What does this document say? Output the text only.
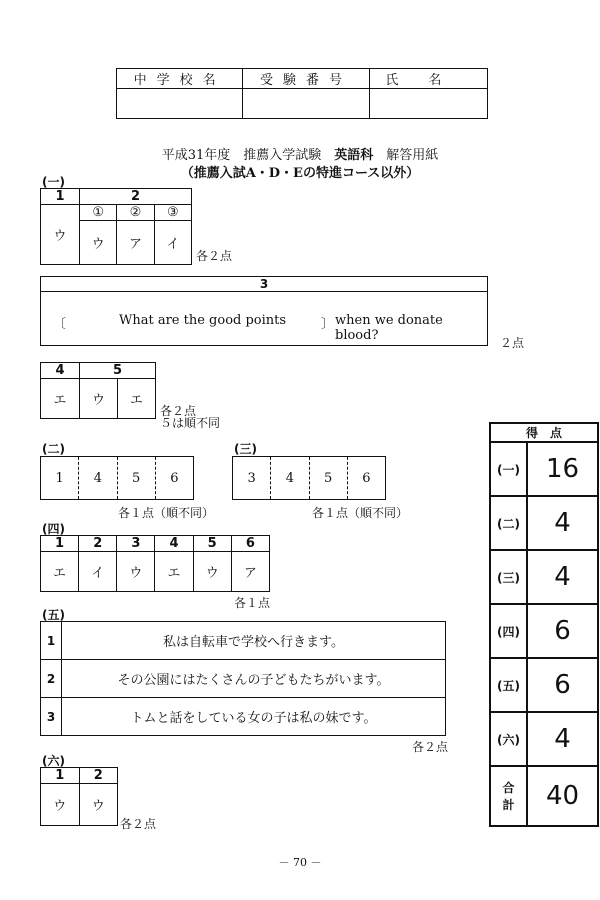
中学校名	受験番号	氏名

平成31年度　推薦入学試験　 英語科　 解答用紙
（推薦入試A・D・Eの特進コース以外）
(一)
1	2		
ウ	①	②	③
	ウ	ア	イ
各２点
3
〔	What are the good points	〕 when we donate blood?	２点
4	5	
エ	ウ	エ
各２点
５は順不同
(二)
1	4	5	6
各１点（順不同）
(三)
3	4	5	6
各１点（順不同）
(四)
1	2	3	4	5	6
エ	イ	ウ	エ	ウ	ア
各１点
(五)
1	私は自転車で学校へ行きます。
2	その公園にはたくさんの子どもたちがいます。
3	トムと話をしている女の子は私の妹です。
各２点
(六)
1	2
ウ	ウ
各２点
得　点	
(一)	16
(二)	4
(三)	4
(四)	6
(五)	6
(六)	4

合
計	40
－ 70 －
